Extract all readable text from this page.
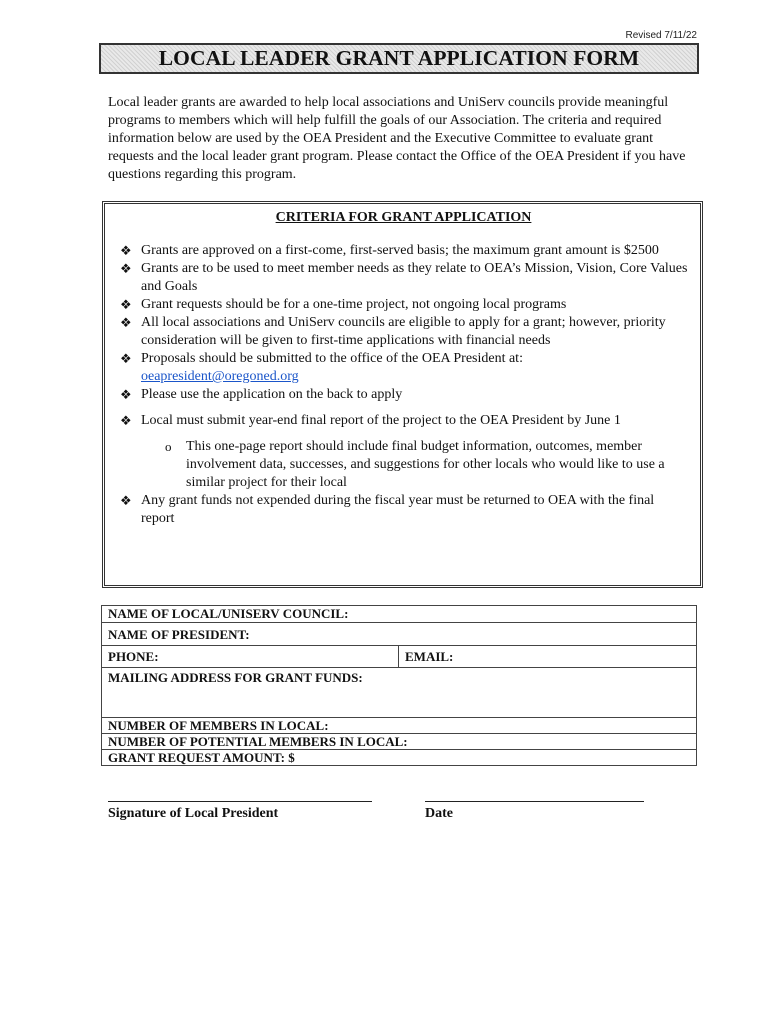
Revised 7/11/22
LOCAL LEADER GRANT APPLICATION FORM

Local leader grants are awarded to help local associations and UniServ councils provide meaningful programs to members which will help fulfill the goals of our Association. The criteria and required information below are used by the OEA President and the Executive Committee to evaluate grant requests and the local leader grant program. Please contact the Office of the OEA President if you have questions regarding this program.

CRITERIA FOR GRANT APPLICATION
❖ Grants are approved on a first-come, first-served basis; the maximum grant amount is $2500
❖ Grants are to be used to meet member needs as they relate to OEA’s Mission, Vision, Core Values and Goals
❖ Grant requests should be for a one-time project, not ongoing local programs
❖ All local associations and UniServ councils are eligible to apply for a grant; however, priority consideration will be given to first-time applications with financial needs
❖ Proposals should be submitted to the office of the OEA President at:
oeapresident@oregoned.org
❖ Please use the application on the back to apply
❖ Local must submit year-end final report of the project to the OEA President by June 1
o This one-page report should include final budget information, outcomes, member involvement data, successes, and suggestions for other locals who would like to use a similar project for their local
❖ Any grant funds not expended during the fiscal year must be returned to OEA with the final report
NAME OF LOCAL/UNISERV COUNCIL:
NAME OF PRESIDENT:
PHONE:	EMAIL:
MAILING ADDRESS FOR GRANT FUNDS:
NUMBER OF MEMBERS IN LOCAL:
NUMBER OF POTENTIAL MEMBERS IN LOCAL:
GRANT REQUEST AMOUNT: $
Signature of Local President	Date
